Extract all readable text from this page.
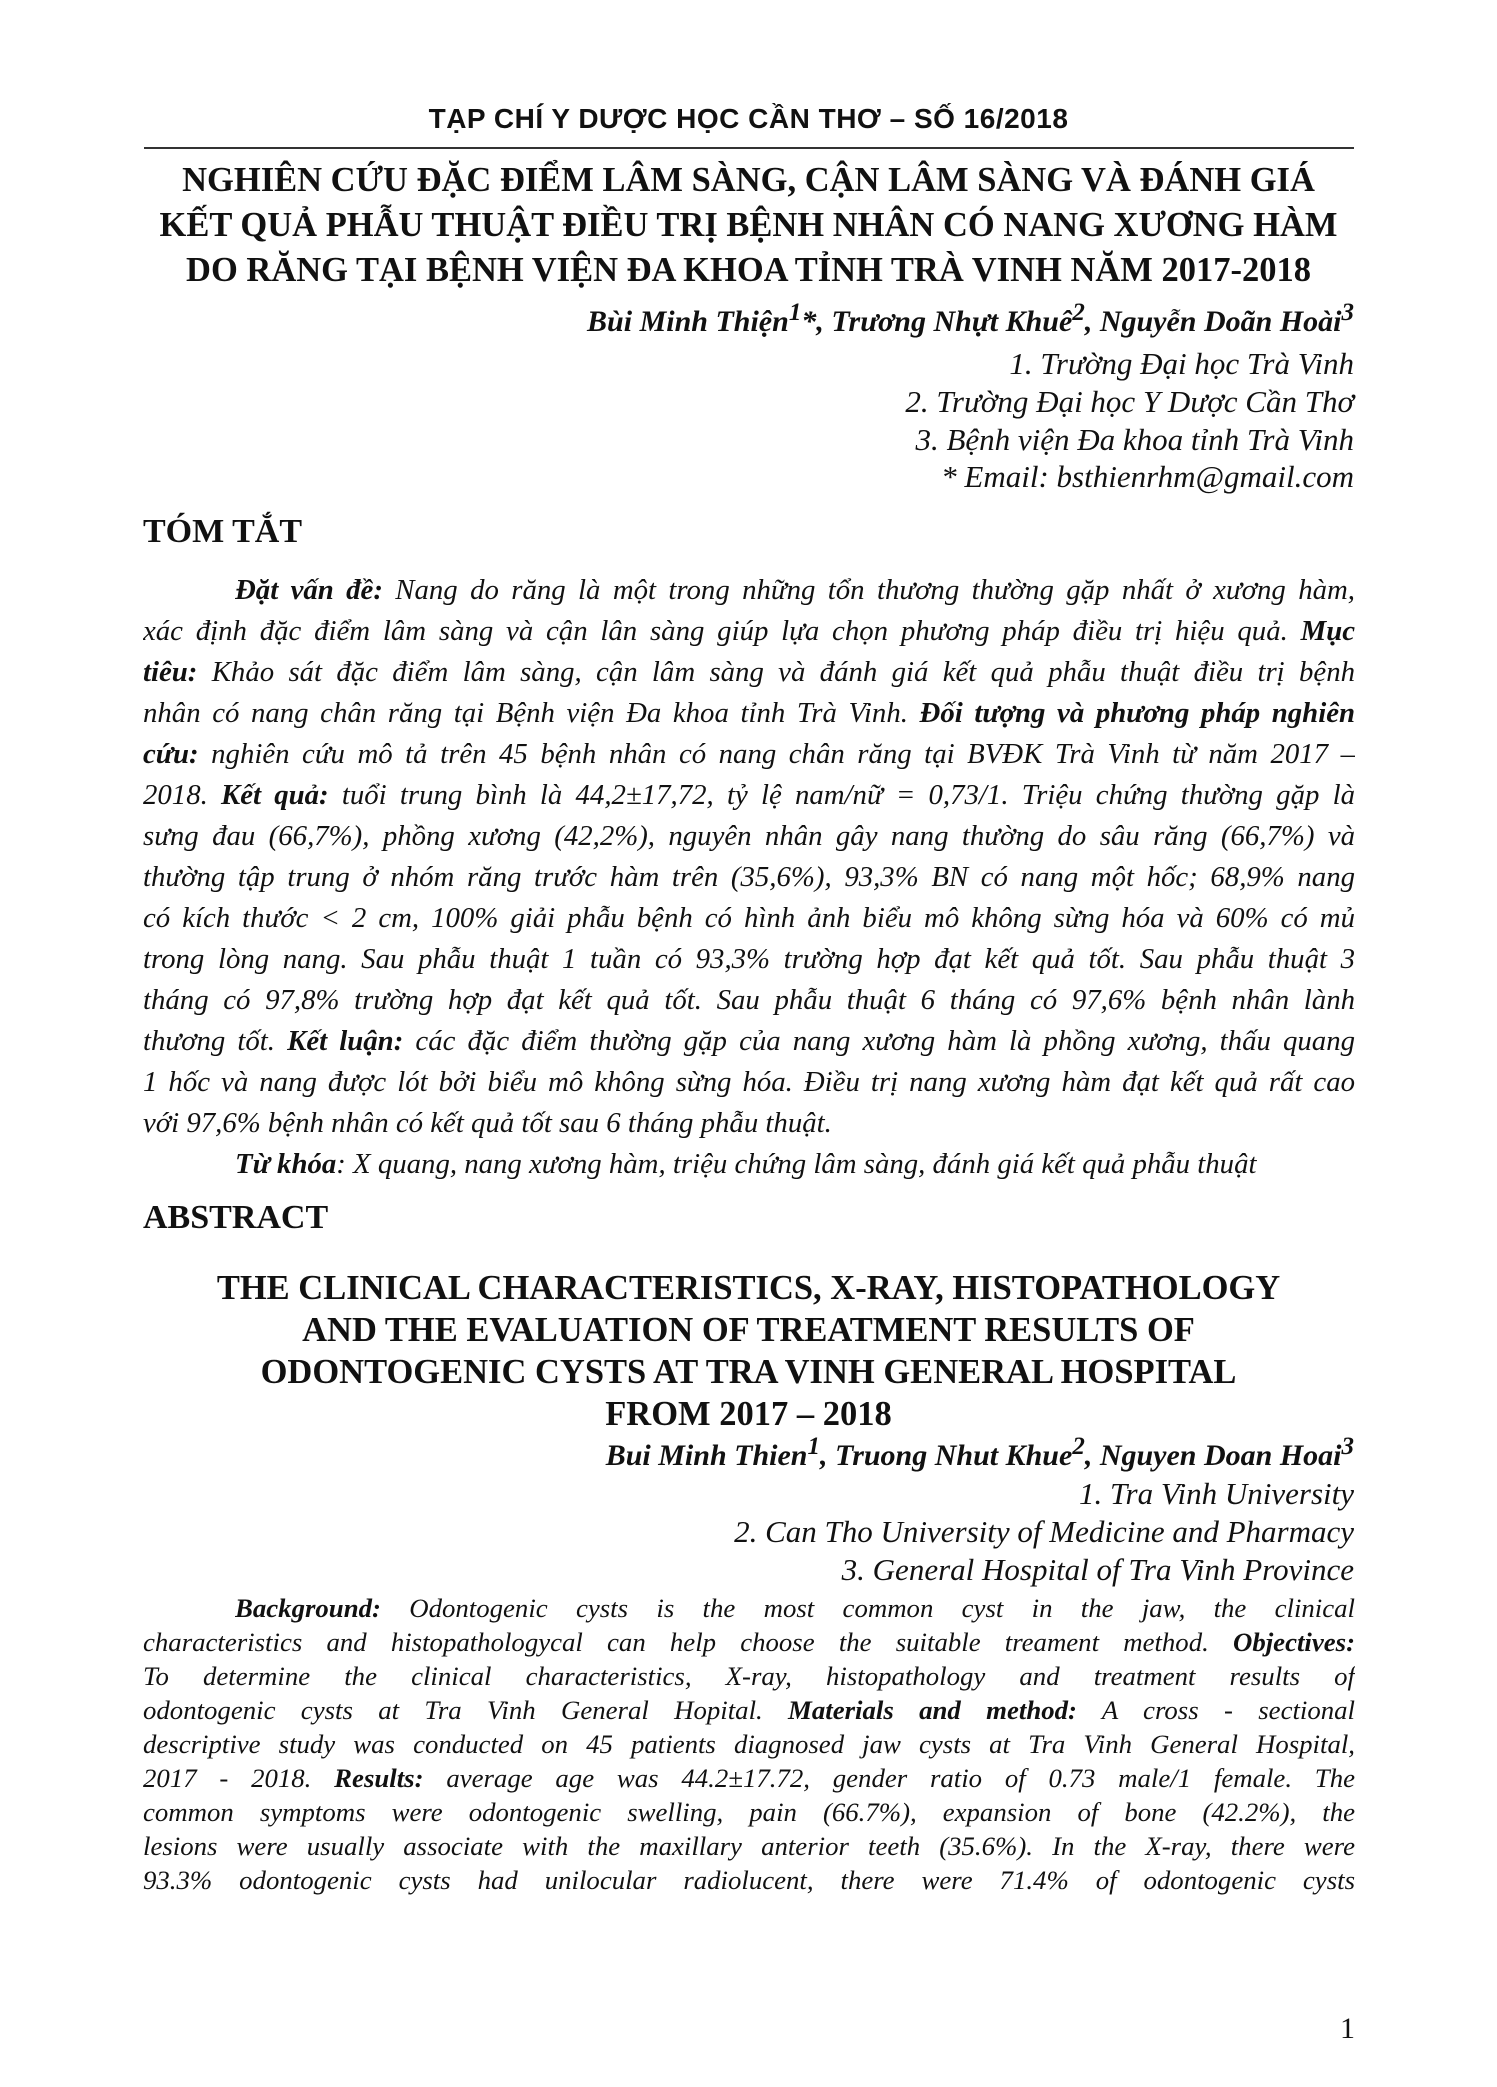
TẠP CHÍ Y DƯỢC HỌC CẦN THƠ – SỐ 16/2018
NGHIÊN CỨU ĐẶC ĐIỂM LÂM SÀNG, CẬN LÂM SÀNG VÀ ĐÁNH GIÁ
KẾT QUẢ PHẪU THUẬT ĐIỀU TRỊ BỆNH NHÂN CÓ NANG XƯƠNG HÀM
DO RĂNG TẠI BỆNH VIỆN ĐA KHOA TỈNH TRÀ VINH NĂM 2017-2018
Bùi Minh Thiện$^1$*, Trương Nhựt Khuê$^2$, Nguyễn Doãn Hoài$^3$
1. Trường Đại học Trà Vinh
2. Trường Đại học Y Dược Cần Thơ
3. Bệnh viện Đa khoa tỉnh Trà Vinh
* Email: bsthienrhm@gmail.com
TÓM TẮT
Đặt vấn đề: Nang do răng là một trong những tổn thương thường gặp nhất ở xương hàm,
xác định đặc điểm lâm sàng và cận lân sàng giúp lựa chọn phương pháp điều trị hiệu quả. Mục
tiêu: Khảo sát đặc điểm lâm sàng, cận lâm sàng và đánh giá kết quả phẫu thuật điều trị bệnh
nhân có nang chân răng tại Bệnh viện Đa khoa tỉnh Trà Vinh. Đối tượng và phương pháp nghiên
cứu: nghiên cứu mô tả trên 45 bệnh nhân có nang chân răng tại BVĐK Trà Vinh từ năm 2017 –
2018. Kết quả: tuổi trung bình là 44,2±17,72, tỷ lệ nam/nữ = 0,73/1. Triệu chứng thường gặp là
sưng đau (66,7%), phồng xương (42,2%), nguyên nhân gây nang thường do sâu răng (66,7%) và
thường tập trung ở nhóm răng trước hàm trên (35,6%), 93,3% BN có nang một hốc; 68,9% nang
có kích thước < 2 cm, 100% giải phẫu bệnh có hình ảnh biểu mô không sừng hóa và 60% có mủ
trong lòng nang. Sau phẫu thuật 1 tuần có 93,3% trường hợp đạt kết quả tốt. Sau phẫu thuật 3
tháng có 97,8% trường hợp đạt kết quả tốt. Sau phẫu thuật 6 tháng có 97,6% bệnh nhân lành
thương tốt. Kết luận: các đặc điểm thường gặp của nang xương hàm là phồng xương, thấu quang
1 hốc và nang được lót bởi biểu mô không sừng hóa. Điều trị nang xương hàm đạt kết quả rất cao
với 97,6% bệnh nhân có kết quả tốt sau 6 tháng phẫu thuật.
Từ khóa: X quang, nang xương hàm, triệu chứng lâm sàng, đánh giá kết quả phẫu thuật
ABSTRACT
THE CLINICAL CHARACTERISTICS, X-RAY, HISTOPATHOLOGY
AND THE EVALUATION OF TREATMENT RESULTS OF
ODONTOGENIC CYSTS AT TRA VINH GENERAL HOSPITAL
FROM 2017 – 2018
Bui Minh Thien$^1$, Truong Nhut Khue$^2$, Nguyen Doan Hoai$^3$
1. Tra Vinh University
2. Can Tho University of Medicine and Pharmacy
3. General Hospital of Tra Vinh Province
Background: Odontogenic cysts is the most common cyst in the jaw, the clinical
characteristics and histopathologycal can help choose the suitable treament method. Objectives:
To determine the clinical characteristics, X-ray, histopathology and treatment results of
odontogenic cysts at Tra Vinh General Hopital. Materials and method: A cross - sectional
descriptive study was conducted on 45 patients diagnosed jaw cysts at Tra Vinh General Hospital,
2017 - 2018. Results: average age was 44.2±17.72, gender ratio of 0.73 male/1 female. The
common symptoms were odontogenic swelling, pain (66.7%), expansion of bone (42.2%), the
lesions were usually associate with the maxillary anterior teeth (35.6%). In the X-ray, there were
93.3% odontogenic cysts had unilocular radiolucent, there were 71.4% of odontogenic cysts
1
